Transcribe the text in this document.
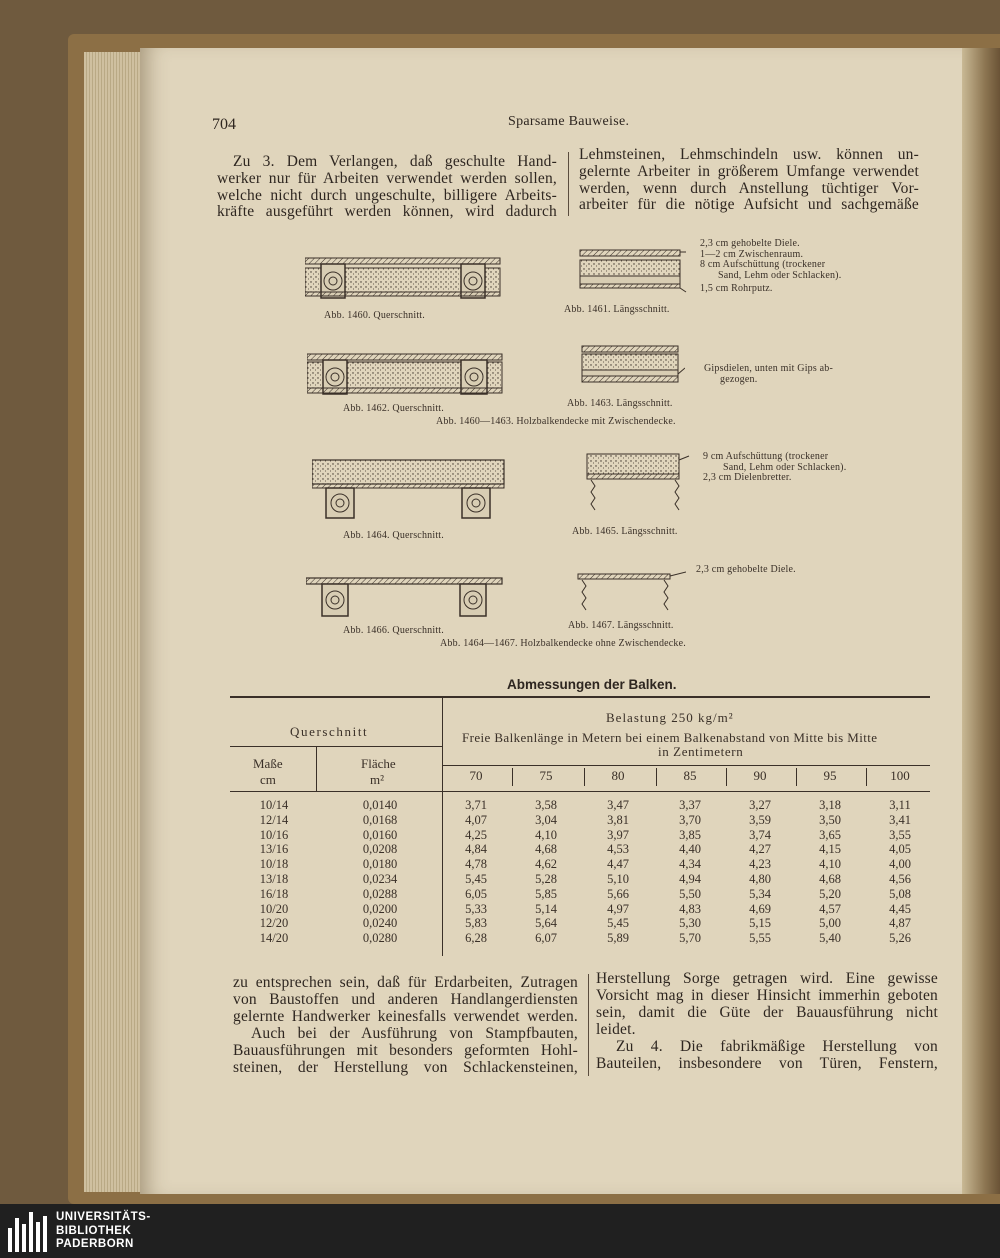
704	Sparsame Bauweise.
Zu 3. Dem Verlangen, daß geschulte Hand-
werker nur für Arbeiten verwendet werden sollen,
welche nicht durch ungeschulte, billigere Arbeits-
kräfte ausgeführt werden können, wird dadurch
Lehmsteinen, Lehmschindeln usw. können un-
gelernte Arbeiter in größerem Umfange verwendet
werden, wenn durch Anstellung tüchtiger Vor-
arbeiter für die nötige Aufsicht und sachgemäße
Abb. 1460. Querschnitt.
2,3 cm gehobelte Diele.
1—2 cm Zwischenraum.
8 cm Aufschüttung (trockener
Sand, Lehm oder Schlacken).
1,5 cm Rohrputz.
Abb. 1461. Längsschnitt.
Abb. 1462. Querschnitt.
Gipsdielen, unten mit Gips ab-
gezogen.
Abb. 1463. Längsschnitt.
Abb. 1460—1463. Holzbalkendecke mit Zwischendecke.
Abb. 1464. Querschnitt.
9 cm Aufschüttung (trockener
Sand, Lehm oder Schlacken).
2,3 cm Dielenbretter.
Abb. 1465. Längsschnitt.
Abb. 1466. Querschnitt.
2,3 cm gehobelte Diele.
Abb. 1467. Längsschnitt.
Abb. 1464—1467. Holzbalkendecke ohne Zwischendecke.
Abmessungen der Balken.
Querschnitt
Maße
cm
Fläche
m²
Belastung 250 kg/m²
Freie Balkenlänge in Metern bei einem Balkenabstand von Mitte bis Mitte
in Zentimetern
70	75	80	85	90	95	100
10/14	0,0140	3,71	3,58	3,47	3,37	3,27	3,18	3,11
12/14	0,0168	4,07	3,04	3,81	3,70	3,59	3,50	3,41
10/16	0,0160	4,25	4,10	3,97	3,85	3,74	3,65	3,55
13/16	0,0208	4,84	4,68	4,53	4,40	4,27	4,15	4,05
10/18	0,0180	4,78	4,62	4,47	4,34	4,23	4,10	4,00
13/18	0,0234	5,45	5,28	5,10	4,94	4,80	4,68	4,56
16/18	0,0288	6,05	5,85	5,66	5,50	5,34	5,20	5,08
10/20	0,0200	5,33	5,14	4,97	4,83	4,69	4,57	4,45
12/20	0,0240	5,83	5,64	5,45	5,30	5,15	5,00	4,87
14/20	0,0280	6,28	6,07	5,89	5,70	5,55	5,40	5,26
zu entsprechen sein, daß für Erdarbeiten, Zutragen
von Baustoffen und anderen Handlangerdiensten
gelernte Handwerker keinesfalls verwendet werden.
Auch bei der Ausführung von Stampfbauten,
Bauausführungen mit besonders geformten Hohl-
steinen, der Herstellung von Schlackensteinen,
Herstellung Sorge getragen wird. Eine gewisse
Vorsicht mag in dieser Hinsicht immerhin geboten
sein, damit die Güte der Bauausführung nicht
leidet.
Zu 4. Die fabrikmäßige Herstellung von
Bauteilen, insbesondere von Türen, Fenstern,
UNIVERSITÄTS-
BIBLIOTHEK
PADERBORN
